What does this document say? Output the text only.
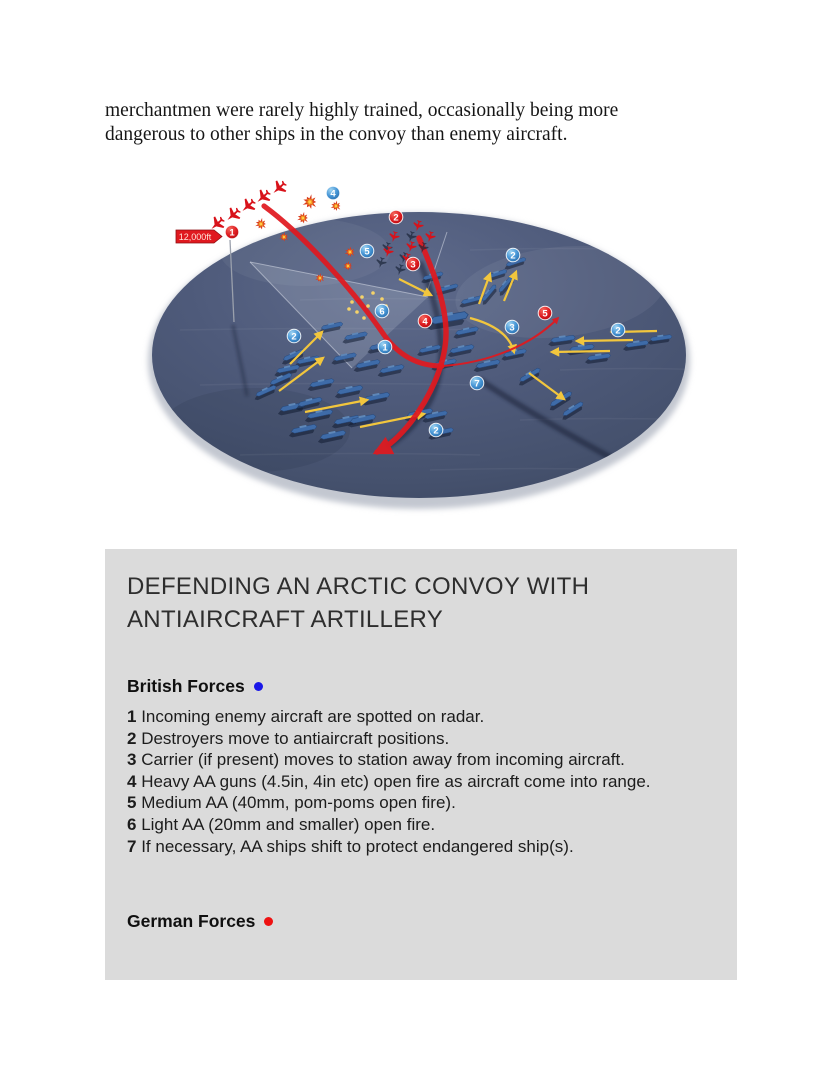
merchantmen were rarely highly trained, occasionally being more
dangerous to other ships in the convoy than enemy aircraft.
12,000ft 1
2
3
4
5
4
5
2
6
1
2
3	2
7
2
DEFENDING AN ARCTIC CONVOY WITH
ANTIAIRCRAFT ARTILLERY
British Forces
1 Incoming enemy aircraft are spotted on radar.
2 Destroyers move to antiaircraft positions.
3 Carrier (if present) moves to station away from incoming aircraft.
4 Heavy AA guns (4.5in, 4in etc) open fire as aircraft come into range.
5 Medium AA (40mm, pom-poms open fire).
6 Light AA (20mm and smaller) open fire.
7 If necessary, AA ships shift to protect endangered ship(s).
German Forces
